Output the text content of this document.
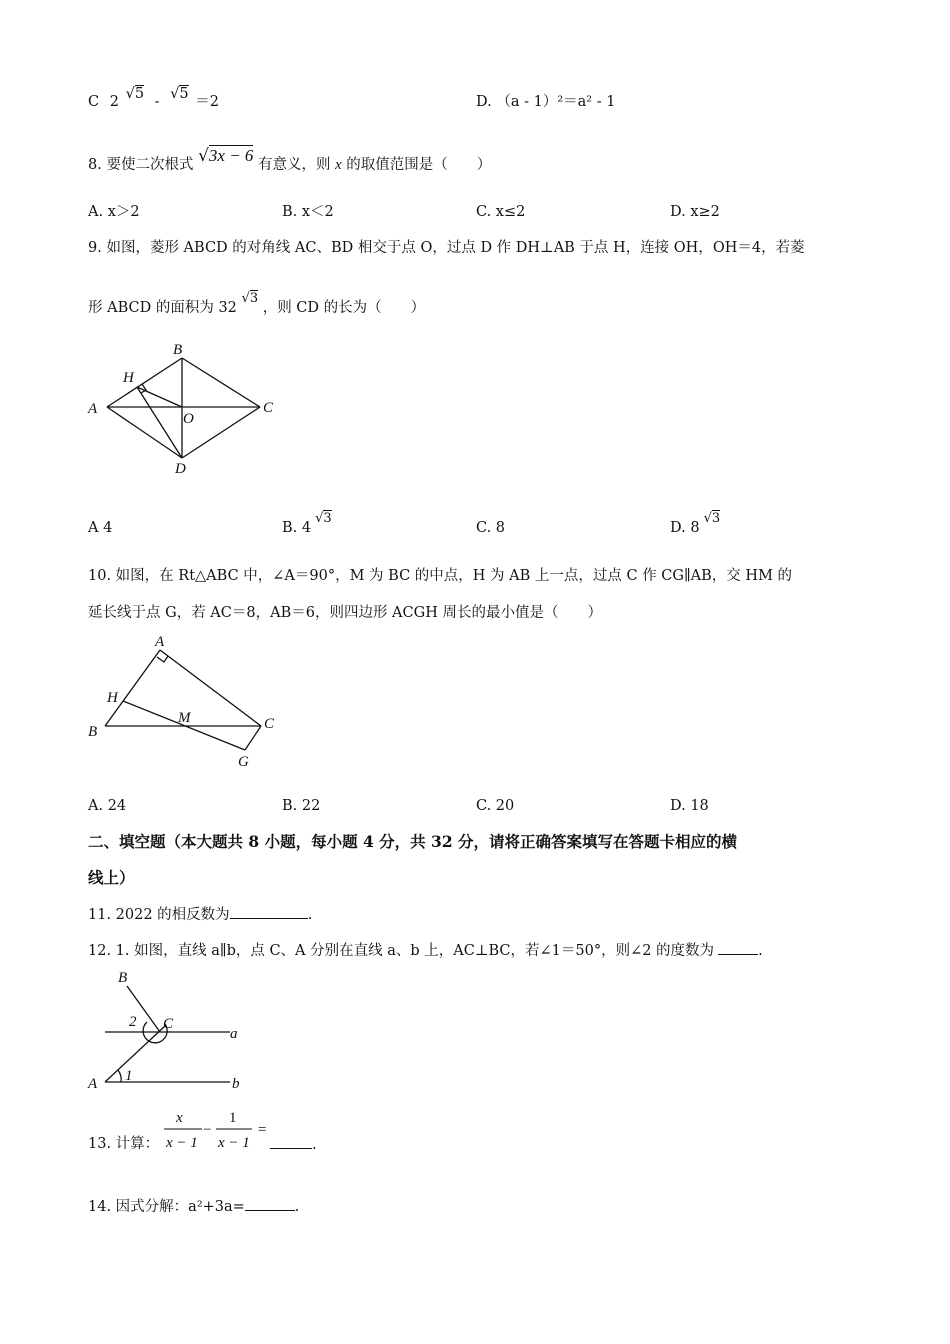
C 2 √5 - √5 ＝2	D. （a - 1）²＝a² - 1
8. 要使二次根式 √3x − 6 有意义，则 x 的取值范围是（　　）
A. x＞2	B. x＜2	C. x≤2	D. x≥2
9. 如图，菱形 ABCD 的对角线 AC、BD 相交于点 O，过点 D 作 DH⊥AB 于点 H，连接 OH，OH＝4，若菱
形 ABCD 的面积为 32 √3 ，则 CD 的长为（　　）
B
H
A
O
C
D
A 4	B. 4√3
C. 8	D. 8√3
10. 如图，在 Rt△ABC 中，∠A＝90°，M 为 BC 的中点，H 为 AB 上一点，过点 C 作 CG∥AB，交 HM 的
延长线于点 G，若 AC＝8，AB＝6，则四边形 ACGH 周长的最小值是（　　）
A
H
M
B	C
G
A. 24	B. 22	C. 20	D. 18
二、填空题（本大题共 8 小题，每小题 4 分，共 32 分，请将正确答案填写在答题卡相应的横
线上）
11. 2022 的相反数为	.
12. 1. 如图，直线 a∥b，点 C、A 分别在直线 a、b 上，AC⊥BC，若∠1＝50°，则∠2 的度数为	.
B
2 C
a
A 1	b
13. 计算：
x
x − 1
−
1
x − 1
=
.
14. 因式分解：a²+3a=	.
